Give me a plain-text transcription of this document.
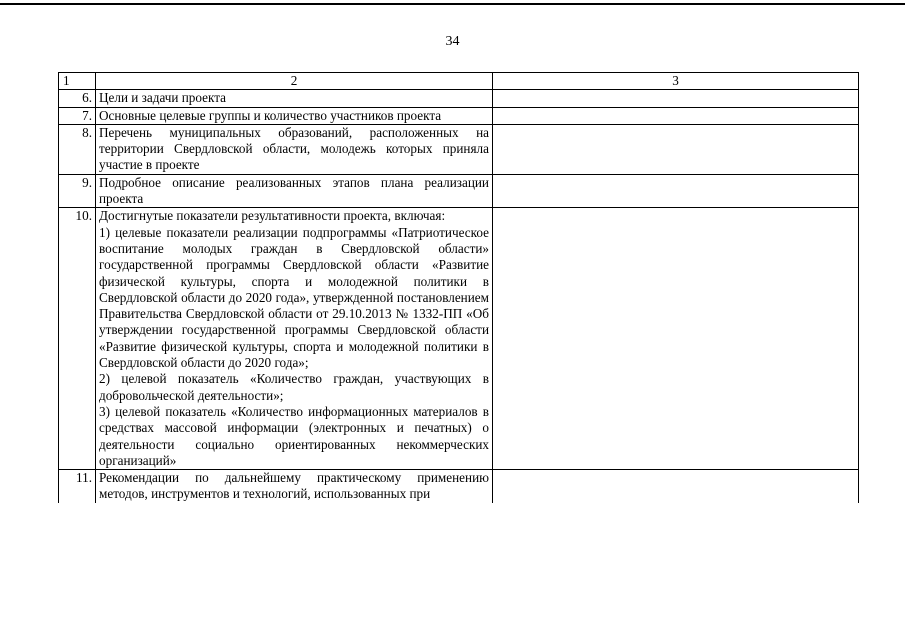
34
1	2	3
6.	Цели и задачи проекта	
7.	Основные целевые группы и количество участников проекта	
8.	Перечень муниципальных образований, расположенных на территории Свердловской области, молодежь которых приняла участие в проекте	
9.	Подробное описание реализованных этапов плана реализации проекта	
10.	Достигнутые показатели результативности проекта, включая:
1) целевые показатели реализации подпрограммы «Патриотическое воспитание молодых граждан в Свердловской области» государственной программы Свердловской области «Развитие физической культуры, спорта и молодежной политики в Свердловской области до 2020 года», утвержденной постановлением Правительства Свердловской области от 29.10.2013 № 1332-ПП «Об утверждении государственной программы Свердловской области «Развитие физической культуры, спорта и молодежной политики в Свердловской области до 2020 года»;
2) целевой показатель «Количество граждан, участвующих в добровольческой деятельности»;
3) целевой показатель «Количество информационных материалов в средствах массовой информации (электронных и печатных) о деятельности социально ориентированных некоммерческих организаций»	

11.	Рекомендации по дальнейшему практическому применению методов, инструментов и технологий, использованных при	
